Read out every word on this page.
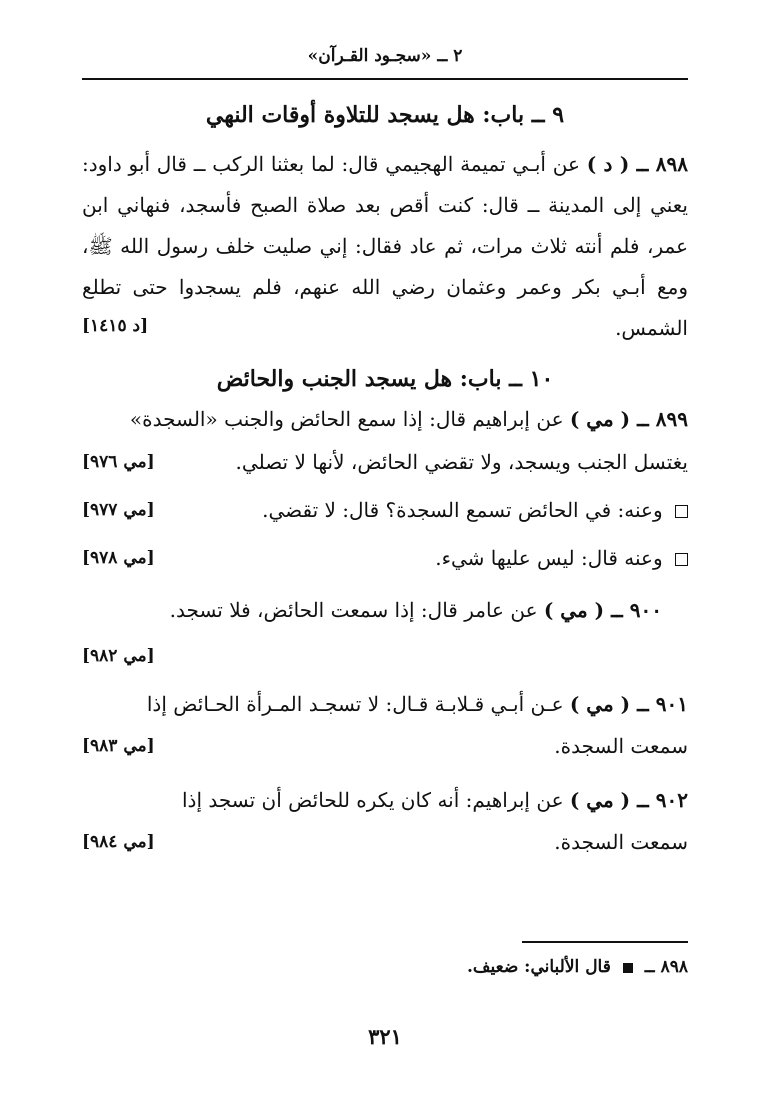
٢ ــ «سجـود القـرآن»
٩ ــ باب: هل يسجد للتلاوة أوقات النهي
٨٩٨ ــ ( د ) عن أبـي تميمة الهجيمي قال: لما بعثنا الركب ــ قال أبو داود: يعني إلى المدينة ــ قال: كنت أقص بعد صلاة الصبح فأسجد، فنهاني ابن عمر، فلم أنته ثلاث مرات، ثم عاد فقال: إني صليت خلف رسول الله ﷺ، ومع أبـي بكر وعمر وعثمان رضي الله عنهم، فلم يسجدوا حتى تطلع الشمس.
[د ١٤١٥]
١٠ ــ باب: هل يسجد الجنب والحائض
٨٩٩ ــ ( مي ) عن إبراهيم قال: إذا سمع الحائض والجنب «السجدة»
يغتسل الجنب ويسجد، ولا تقضي الحائض، لأنها لا تصلي.
[مي ٩٧٦]
وعنه: في الحائض تسمع السجدة؟ قال: لا تقضي.
[مي ٩٧٧]
وعنه قال: ليس عليها شيء.
[مي ٩٧٨]
٩٠٠ ــ ( مي ) عن عامر قال: إذا سمعت الحائض، فلا تسجد.
[مي ٩٨٢]
٩٠١ ــ ( مي ) عـن أبـي قـلابـة قـال: لا تسجـد المـرأة الحـائض إذا
سمعت السجدة.
[مي ٩٨٣]
٩٠٢ ــ ( مي ) عن إبراهيم: أنه كان يكره للحائض أن تسجد إذا
سمعت السجدة.
[مي ٩٨٤]
٨٩٨ ــ  قال الألباني: ضعيف.
٣٢١
